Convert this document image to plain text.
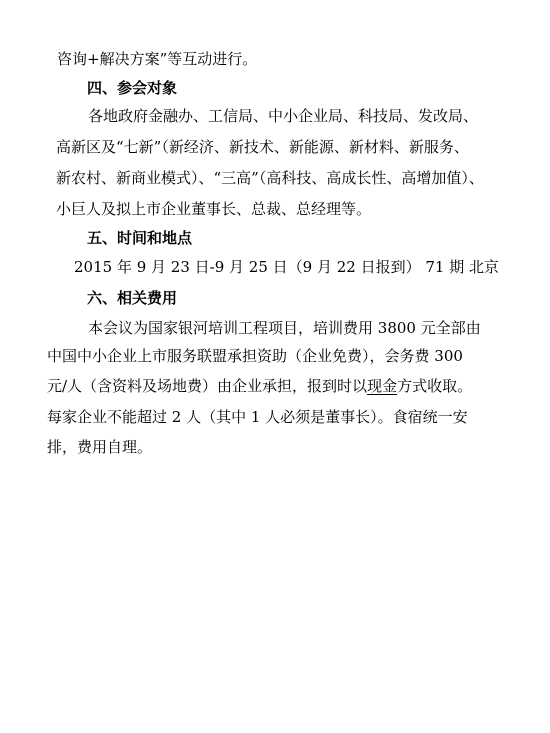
咨询+解决方案”等互动进行。
四、参会对象
各地政府金融办、工信局、中小企业局、科技局、发改局、
高新区及“七新”（新经济、新技术、新能源、新材料、新服务、
新农村、新商业模式）、“三高”（高科技、高成长性、高增加值）、
小巨人及拟上市企业董事长、总裁、总经理等。
五、时间和地点
2015 年 9 月 23 日-9 月 25 日（9 月 22 日报到） 71 期 北京
六、相关费用
本会议为国家银河培训工程项目，培训费用 3800 元全部由
中国中小企业上市服务联盟承担资助（企业免费），会务费 300
元/人（含资料及场地费）由企业承担，报到时以现金方式收取。
每家企业不能超过 2 人（其中 1 人必须是董事长）。食宿统一安
排，费用自理。
